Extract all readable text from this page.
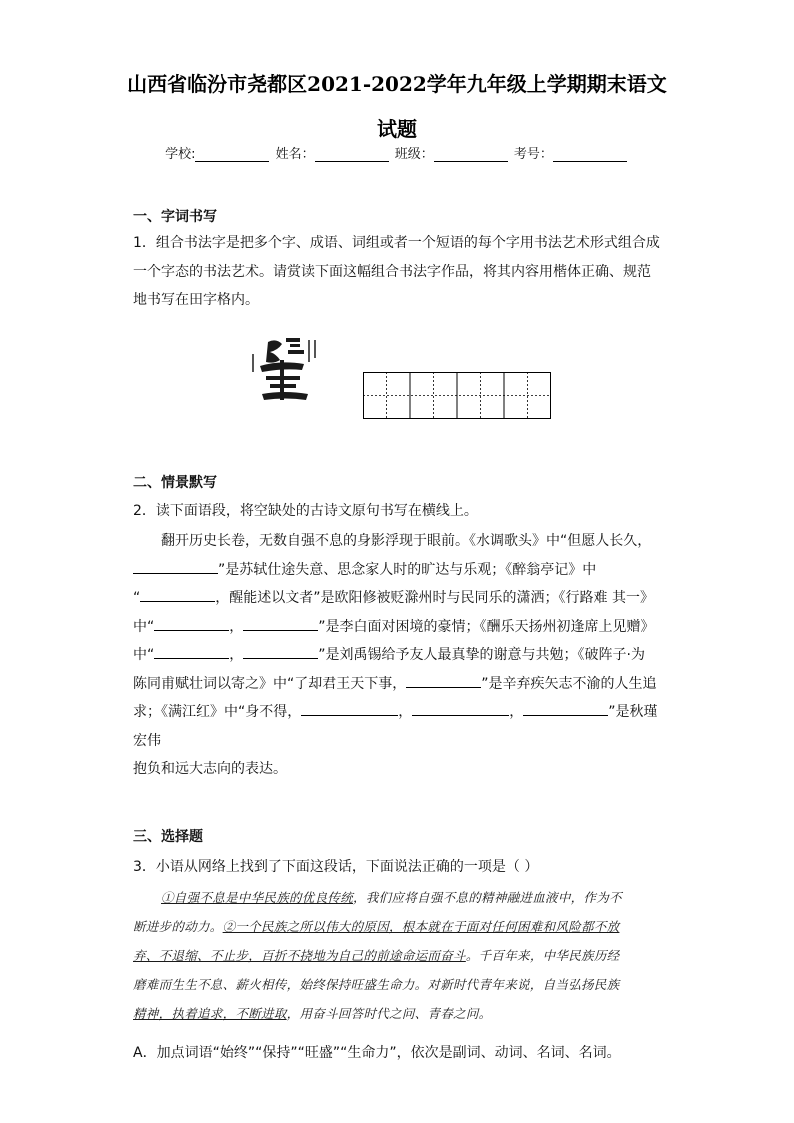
山西省临汾市尧都区2021-2022学年九年级上学期期末语文
试题
学校:	姓名：	班级：	考号：
一、字词书写
1．组合书法字是把多个字、成语、词组或者一个短语的每个字用书法艺术形式组合成一个字态的书法艺术。请赏读下面这幅组合书法字作品，将其内容用楷体正确、规范地书写在田字格内。
二、情景默写
2．读下面语段，将空缺处的古诗文原句书写在横线上。
翻开历史长卷，无数自强不息的身影浮现于眼前。《水调歌头》中“但愿人长久，
”是苏轼仕途失意、思念家人时的旷达与乐观；《醉翁亭记》中
“	，醒能述以文者”是欧阳修被贬滁州时与民同乐的潇洒；《行路难 其一》
中“	，	”是李白面对困境的豪情；《酬乐天扬州初逢席上见赠》
中“	，	”是刘禹锡给予友人最真挚的谢意与共勉；《破阵子·为
陈同甫赋壮词以寄之》中“了却君王天下事，	”是辛弃疾矢志不渝的人生追
求；《满江红》中“身不得，	，	，	”是秋瑾宏伟
抱负和远大志向的表达。
三、选择题
3．小语从网络上找到了下面这段话，下面说法正确的一项是（ ）
①自强不息是中华民族的优良传统，我们应将自强不息的精神融进血液中，作为不
断进步的动力。②一个民族之所以伟大的原因，根本就在于面对任何困难和风险都不放
弃、不退缩、不止步，百折不挠地为自己的前途命运而奋斗。千百年来，中华民族历经
磨难而生生不息、薪火相传，始终保持旺盛生命力。对新时代青年来说，自当弘扬民族
精神，执着追求，不断进取，用奋斗回答时代之问、青春之问。
A．加点词语“始终”“保持”“旺盛”“生命力”，依次是副词、动词、名词、名词。
